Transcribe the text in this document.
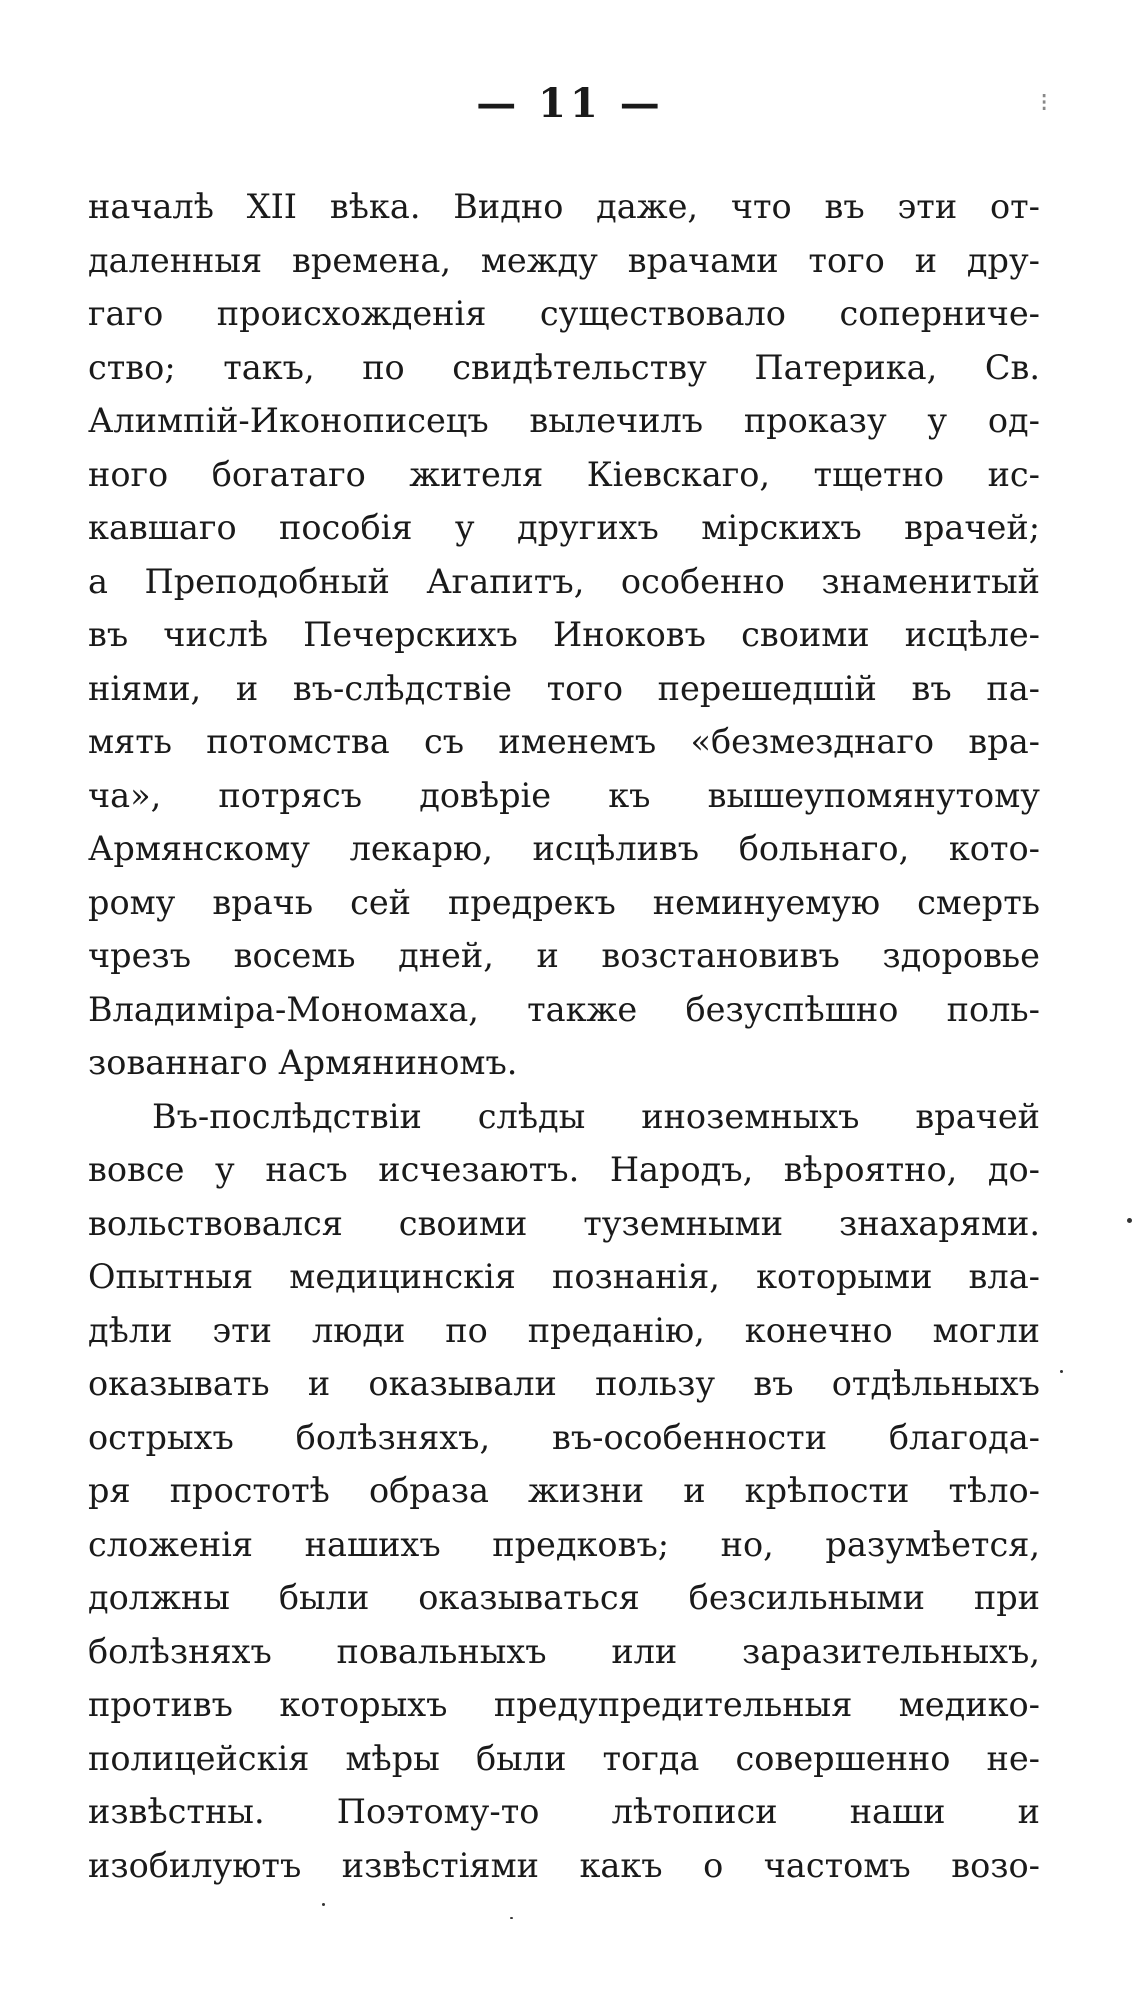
— 11 —	⁝
началѣ XII вѣка. Видно даже, что въ эти от-
даленныя времена, между врачами того и дру-
гаго происхожденія существовало соперниче-
ство; такъ, по свидѣтельству Патерика, Св.
Алимпій-Иконописецъ вылечилъ проказу у од-
ного богатаго жителя Кіевскаго, тщетно ис-
кавшаго пособія у другихъ мірскихъ врачей;
а Преподобный Агапитъ, особенно знаменитый
въ числѣ Печерскихъ Иноковъ своими исцѣле-
ніями, и въ-слѣдствіе того перешедшій въ па-
мять потомства съ именемъ «безмезднаго вра-
ча», потрясъ довѣріе къ вышеупомянутому
Армянскому лекарю, исцѣливъ больнаго, кото-
рому врачь сей предрекъ неминуемую смерть
чрезъ восемь дней, и возстановивъ здоровье
Владиміра-Мономаха, также безуспѣшно поль-
зованнаго Армяниномъ.
Въ-послѣдствіи слѣды иноземныхъ врачей
вовсе у насъ исчезаютъ. Народъ, вѣроятно, до-
вольствовался своими туземными знахарями.
Опытныя медицинскія познанія, которыми вла-
дѣли эти люди по преданію, конечно могли
оказывать и оказывали пользу въ отдѣльныхъ
острыхъ болѣзняхъ, въ-особенности благода-
ря простотѣ образа жизни и крѣпости тѣло-
сложенія нашихъ предковъ; но, разумѣется,
должны были оказываться безсильными при
болѣзняхъ повальныхъ или заразительныхъ,
противъ которыхъ предупредительныя медико-
полицейскія мѣры были тогда совершенно не-
извѣстны. Поэтому-то лѣтописи наши и
изобилуютъ извѣстіями какъ о частомъ возо-
